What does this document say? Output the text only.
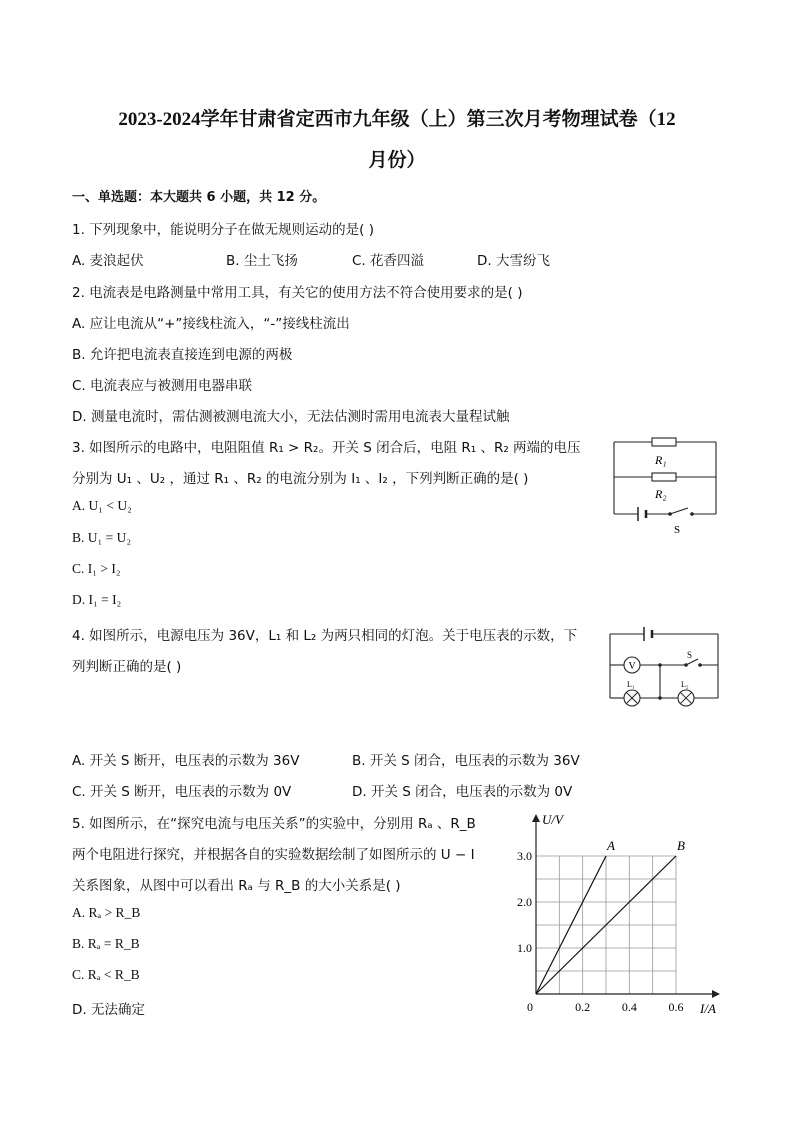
2023-2024学年甘肃省定西市九年级（上）第三次月考物理试卷（12
月份）
一、单选题：本大题共 6 小题，共 12 分。
1. 下列现象中，能说明分子在做无规则运动的是( )
A. 麦浪起伏	B. 尘土飞扬	C. 花香四溢	D. 大雪纷飞
2. 电流表是电路测量中常用工具，有关它的使用方法不符合使用要求的是( )
A. 应让电流从“+”接线柱流入，“-”接线柱流出
B. 允许把电流表直接连到电源的两极
C. 电流表应与被测用电器串联
D. 测量电流时，需估测被测电流大小，无法估测时需用电流表大量程试触
3. 如图所示的电路中，电阻阻值 R₁ > R₂。开关 S 闭合后，电阻 R₁ 、R₂ 两端的电压
分别为 U₁ 、U₂ ，通过 R₁ 、R₂ 的电流分别为 I₁ 、I₂ ，下列判断正确的是( )
A. U₁ < U₂
B. U₁ = U₂
C. I₁ > I₂
D. I₁ = I₂
R₁
R₂
S
4. 如图所示，电源电压为 36V，L₁ 和 L₂ 为两只相同的灯泡。关于电压表的示数，下
列判断正确的是( )
A. 开关 S 断开，电压表的示数为 36V	B. 开关 S 闭合，电压表的示数为 36V
C. 开关 S 断开，电压表的示数为 0V	D. 开关 S 闭合，电压表的示数为 0V
V
S
L₁	L₂
5. 如图所示，在“探究电流与电压关系”的实验中，分别用 Rₐ 、R_B
两个电阻进行探究，并根据各自的实验数据绘制了如图所示的 U − I
关系图象，从图中可以看出 Rₐ 与 R_B 的大小关系是( )
A. Rₐ > R_B
B. Rₐ = R_B
C. Rₐ < R_B
D. 无法确定
A	B
0.2	0.4	0.6
1.0
2.0
3.0
U/V
I/A
0
